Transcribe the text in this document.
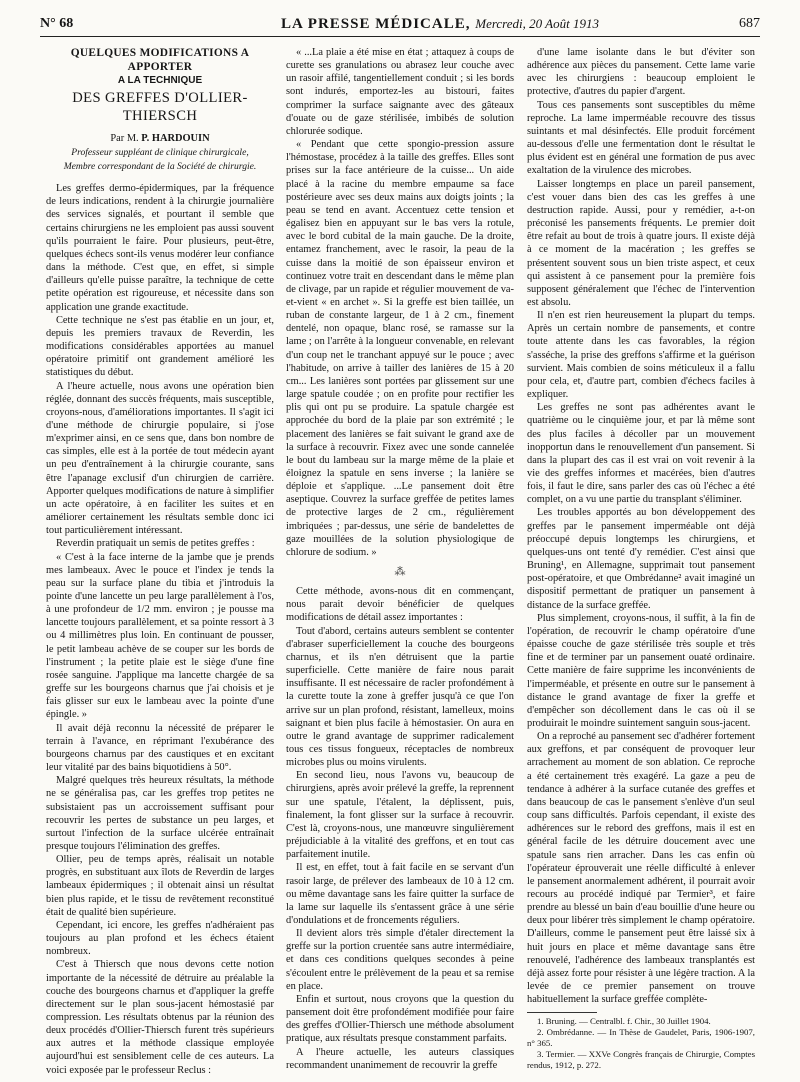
N° 68	LA PRESSE MÉDICALE, Mercredi, 20 Août 1913	687
QUELQUES MODIFICATIONS A APPORTER
A LA TECHNIQUE
DES GREFFES D'OLLIER-THIERSCH
Par M. P. HARDOUIN
Professeur suppléant de clinique chirurgicale,
Membre correspondant de la Société de chirurgie.

Les greffes dermo-épidermiques, par la fréquence de leurs indications, rendent à la chirurgie journalière des services signalés, et pourtant il semble que certains chirurgiens ne les emploient pas aussi souvent qu'ils pourraient le faire. Pour plusieurs, peut-être, quelques échecs sont-ils venus modérer leur confiance dans la méthode. C'est que, en effet, si simple d'ailleurs qu'elle puisse paraître, la technique de cette petite opération est rigoureuse, et nécessite dans son application une grande exactitude.

Cette technique ne s'est pas établie en un jour, et, depuis les premiers travaux de Reverdin, les modifications considérables apportées au manuel opératoire primitif ont grandement amélioré les statistiques du début.

A l'heure actuelle, nous avons une opération bien réglée, donnant des succès fréquents, mais susceptible, croyons-nous, d'améliorations importantes. Il s'agit ici d'une méthode de chirurgie populaire, si j'ose m'exprimer ainsi, en ce sens que, dans bon nombre de cas simples, elle est à la portée de tout médecin ayant un peu d'entraînement à la chirurgie courante, sans être l'apanage exclusif d'un chirurgien de carrière. Apporter quelques modifications de nature à simplifier un acte opératoire, à en faciliter les suites et en améliorer certainement les résultats semble donc ici tout particulièrement intéressant.

Reverdin pratiquait un semis de petites greffes :

« C'est à la face interne de la jambe que je prends mes lambeaux. Avec le pouce et l'index je tends la peau sur la surface plane du tibia et j'introduis la pointe d'une lancette un peu large parallèlement à l'os, à une profondeur de 1/2 mm. environ ; je pousse ma lancette toujours parallèlement, et sa pointe ressort à 3 ou 4 millimètres plus loin. En continuant de pousser, le petit lambeau achève de se couper sur les bords de l'instrument ; la petite plaie est le siège d'une fine rosée sanguine. J'applique ma lancette chargée de sa greffe sur les bourgeons charnus que j'ai choisis et je fais glisser sur eux le lambeau avec la pointe d'une épingle. »

Il avait déjà reconnu la nécessité de préparer le terrain à l'avance, en réprimant l'exubérance des bourgeons charnus par des caustiques et en excitant leur vitalité par des bains biquotidiens à 50°.

Malgré quelques très heureux résultats, la méthode ne se généralisa pas, car les greffes trop petites ne subsistaient pas un accroissement suffisant pour recouvrir les pertes de substance un peu larges, et surtout l'infection de la surface ulcérée entraînait presque toujours l'élimination des greffes.

Ollier, peu de temps après, réalisait un notable progrès, en substituant aux îlots de Reverdin de larges lambeaux épidermiques ; il obtenait ainsi un résultat bien plus rapide, et le tissu de revêtement reconstitué était de qualité bien supérieure.

Cependant, ici encore, les greffes n'adhéraient pas toujours au plan profond et les échecs étaient nombreux.

C'est à Thiersch que nous devons cette notion importante de la nécessité de détruire au préalable la couche des bourgeons charnus et d'appliquer la greffe directement sur le plan sous-jacent hémostasié par compression. Les résultats obtenus par la réunion des deux procédés d'Ollier-Thiersch furent très supérieurs aux autres et la méthode classique employée aujourd'hui est sensiblement celle de ces auteurs. La voici exposée par le professeur Reclus :

« ...La plaie a été mise en état ; attaquez à coups de curette ses granulations ou abrasez leur couche avec un rasoir affilé, tangentiellement conduit ; si les bords sont indurés, emportez-les au bistouri, faites comprimer la surface saignante avec des gâteaux d'ouate ou de gaze stérilisée, imbibés de solution chlorurée sodique.

« Pendant que cette spongio-pression assure l'hémostase, procédez à la taille des greffes. Elles sont prises sur la face antérieure de la cuisse... Un aide placé à la racine du membre empaume sa face postérieure avec ses deux mains aux doigts joints ; la peau se tend en avant. Accentuez cette tension et égalisez bien en appuyant sur le bas vers la rotule, avec le bord cubital de la main gauche. De la droite, entamez franchement, avec le rasoir, la peau de la cuisse dans la moitié de son épaisseur environ et continuez votre trait en descendant dans le même plan de clivage, par un rapide et régulier mouvement de va-et-vient « en archet ». Si la greffe est bien taillée, un ruban de constante largeur, de 1 à 2 cm., finement dentelé, non opaque, blanc rosé, se ramasse sur la lame ; on l'arrête à la longueur convenable, en relevant d'un coup net le tranchant appuyé sur le pouce ; avec l'habitude, on arrive à tailler des lanières de 15 à 20 cm... Les lanières sont portées par glissement sur une large spatule coudée ; on en profite pour rectifier les plis qui ont pu se produire. La spatule chargée est approchée du bord de la plaie par son extrémité ; le placement des lanières se fait suivant le grand axe de la surface à recouvrir. Fixez avec une sonde cannelée le bout du lambeau sur la marge même de la plaie et éloignez la spatule en sens inverse ; la lanière se déploie et s'applique. ...Le pansement doit être aseptique. Couvrez la surface greffée de petites lames de protective larges de 2 cm., régulièrement imbriquées ; par-dessus, une série de bandelettes de gaze mouillées de la solution physiologique de chlorure de sodium. »

⁂

Cette méthode, avons-nous dit en commençant, nous parait devoir bénéficier de quelques modifications de détail assez importantes :

Tout d'abord, certains auteurs semblent se contenter d'abraser superficiellement la couche des bourgeons charnus, et ils n'en détruisent que la partie superficielle. Cette manière de faire nous parait insuffisante. Il est nécessaire de racler profondément à la curette toute la zone à greffer jusqu'à ce que l'on arrive sur un plan profond, résistant, lamelleux, moins saignant et bien plus facile à hémostasier. On aura en outre le grand avantage de supprimer radicalement tous ces tissus fongueux, réceptacles de nombreux microbes plus ou moins virulents.

En second lieu, nous l'avons vu, beaucoup de chirurgiens, après avoir prélevé la greffe, la reprennent sur une spatule, l'étalent, la déplissent, puis, finalement, la font glisser sur la surface à recouvrir. C'est là, croyons-nous, une manœuvre singulièrement préjudiciable à la vitalité des greffons, et en tout cas parfaitement inutile.

Il est, en effet, tout à fait facile en se servant d'un rasoir large, de prélever des lambeaux de 10 à 12 cm. ou même davantage sans les faire quitter la surface de la lame sur laquelle ils s'entassent grâce à une série d'ondulations et de froncements réguliers.

Il devient alors très simple d'étaler directement la greffe sur la portion cruentée sans autre intermédiaire, et dans ces conditions quelques secondes à peine s'écoulent entre le prélèvement de la peau et sa remise en place.

Enfin et surtout, nous croyons que la question du pansement doit être profondément modifiée pour faire des greffes d'Ollier-Thiersch une méthode absolument pratique, aux résultats presque constamment parfaits.

A l'heure actuelle, les auteurs classiques recommandent unanimement de recouvrir la greffe

d'une lame isolante dans le but d'éviter son adhérence aux pièces du pansement. Cette lame varie avec les chirurgiens : beaucoup emploient le protective, d'autres du papier d'argent.

Tous ces pansements sont susceptibles du même reproche. La lame imperméable recouvre des tissus suintants et mal désinfectés. Elle produit forcément au-dessous d'elle une fermentation dont le résultat le plus évident est en général une formation de pus avec exaltation de la virulence des microbes.

Laisser longtemps en place un pareil pansement, c'est vouer dans bien des cas les greffes à une destruction rapide. Aussi, pour y remédier, a-t-on préconisé les pansements fréquents. Le premier doit être refait au bout de trois à quatre jours. Il existe déjà à ce moment de la macération ; les greffes se présentent souvent sous un bien triste aspect, et ceux qui assistent à ce pansement pour la première fois supposent généralement que l'échec de l'intervention est absolu.

Il n'en est rien heureusement la plupart du temps. Après un certain nombre de pansements, et contre toute attente dans les cas favorables, la région s'asséche, la prise des greffons s'affirme et la guérison survient. Mais combien de soins méticuleux il a fallu pour cela, et, d'autre part, combien d'échecs faciles à expliquer.

Les greffes ne sont pas adhérentes avant le quatrième ou le cinquième jour, et par là même sont des plus faciles à décoller par un mouvement inopportun dans le renouvellement d'un pansement. Si dans la plupart des cas il est vrai on voit revenir à la vie des greffes informes et macérées, bien d'autres fois, il faut le dire, sans parler des cas où l'échec a été complet, on a vu une partie du transplant s'éliminer.

Les troubles apportés au bon développement des greffes par le pansement imperméable ont déjà préoccupé depuis longtemps les chirurgiens, et quelques-uns ont tenté d'y remédier. C'est ainsi que Bruning¹, en Allemagne, supprimait tout pansement post-opératoire, et que Ombrédanne² avait imaginé un dispositif permettant de pratiquer un pansement à distance de la surface greffée.

Plus simplement, croyons-nous, il suffit, à la fin de l'opération, de recouvrir le champ opératoire d'une épaisse couche de gaze stérilisée très souple et très fine et de terminer par un pansement ouaté ordinaire. Cette manière de faire supprime les inconvénients de l'imperméable, et présente en outre sur le pansement à distance le grand avantage de fixer la greffe et d'empêcher son décollement dans le cas où il se produirait le moindre suintement sanguin sous-jacent.

On a reproché au pansement sec d'adhérer fortement aux greffons, et par conséquent de provoquer leur arrachement au moment de son ablation. Ce reproche a été certainement très exagéré. La gaze a peu de tendance à adhérer à la surface cutanée des greffes et dans beaucoup de cas le pansement s'enlève d'un seul coup sans difficultés. Parfois cependant, il existe des adhérences sur le rebord des greffons, mais il est en général facile de les détruire doucement avec une spatule sans rien arracher. Dans les cas enfin où l'opérateur éprouverait une réelle difficulté à enlever le pansement anormalement adhérent, il pourrait avoir recours au procédé indiqué par Termier³, et faire prendre au blessé un bain d'eau bouillie d'une heure ou deux pour libérer très simplement le champ opératoire. D'ailleurs, comme le pansement peut être laissé six à huit jours en place et même davantage sans être renouvelé, l'adhérence des lambeaux transplantés est déjà assez forte pour résister à une légère traction. A la levée de ce premier pansement on trouve habituellement la surface greffée complète-

1. Bruning. — Centralbl. f. Chir., 30 Juillet 1904.

2. Ombrédanne. — In Thèse de Gaudelet, Paris, 1906-1907, n° 365.

3. Termier. — XXVe Congrès français de Chirurgie, Comptes rendus, 1912, p. 272.
